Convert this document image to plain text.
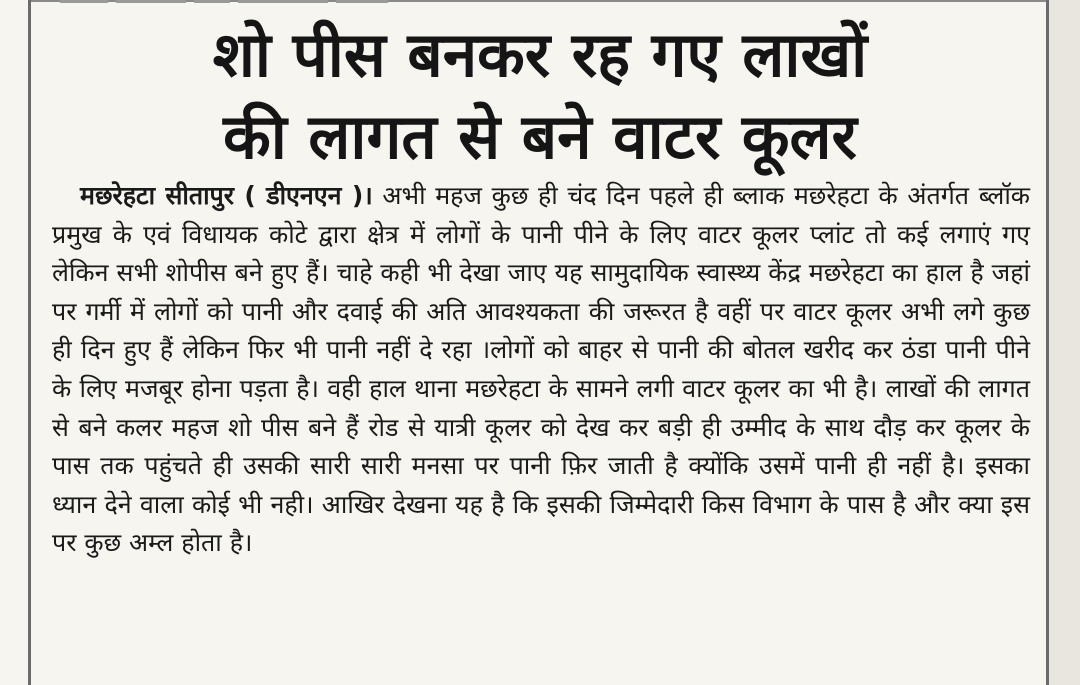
शो पीस बनकर रह गए लाखों
की लागत से बने वाटर कूलर

मछरेहटा सीतापुर ( डीएनएन )। अभी महज कुछ ही चंद दिन पहले ही ब्लाक मछरेहटा के अंतर्गत ब्लॉक प्रमुख के एवं विधायक कोटे द्वारा क्षेत्र में लोगों के पानी पीने के लिए वाटर कूलर प्लांट तो कई लगाएं गए लेकिन सभी शोपीस बने हुए हैं। चाहे कही भी देखा जाए यह सामुदायिक स्वास्थ्य केंद्र मछरेहटा का हाल है जहां पर गर्मी में लोगों को पानी और दवाई की अति आवश्यकता की जरूरत है वहीं पर वाटर कूलर अभी लगे कुछ ही दिन हुए हैं लेकिन फिर भी पानी नहीं दे रहा ।लोगों को बाहर से पानी की बोतल खरीद कर ठंडा पानी पीने के लिए मजबूर होना पड़ता है। वही हाल थाना मछरेहटा के सामने लगी वाटर कूलर का भी है। लाखों की लागत से बने कलर महज शो पीस बने हैं रोड से यात्री कूलर को देख कर बड़ी ही उम्मीद के साथ दौड़ कर कूलर के पास तक पहुंचते ही उसकी सारी सारी मनसा पर पानी फ़िर जाती है क्योंकि उसमें पानी ही नहीं है। इसका ध्यान देने वाला कोई भी नही। आखिर देखना यह है कि इसकी जिम्मेदारी किस विभाग के पास है और क्या इस पर कुछ अम्ल होता है।
